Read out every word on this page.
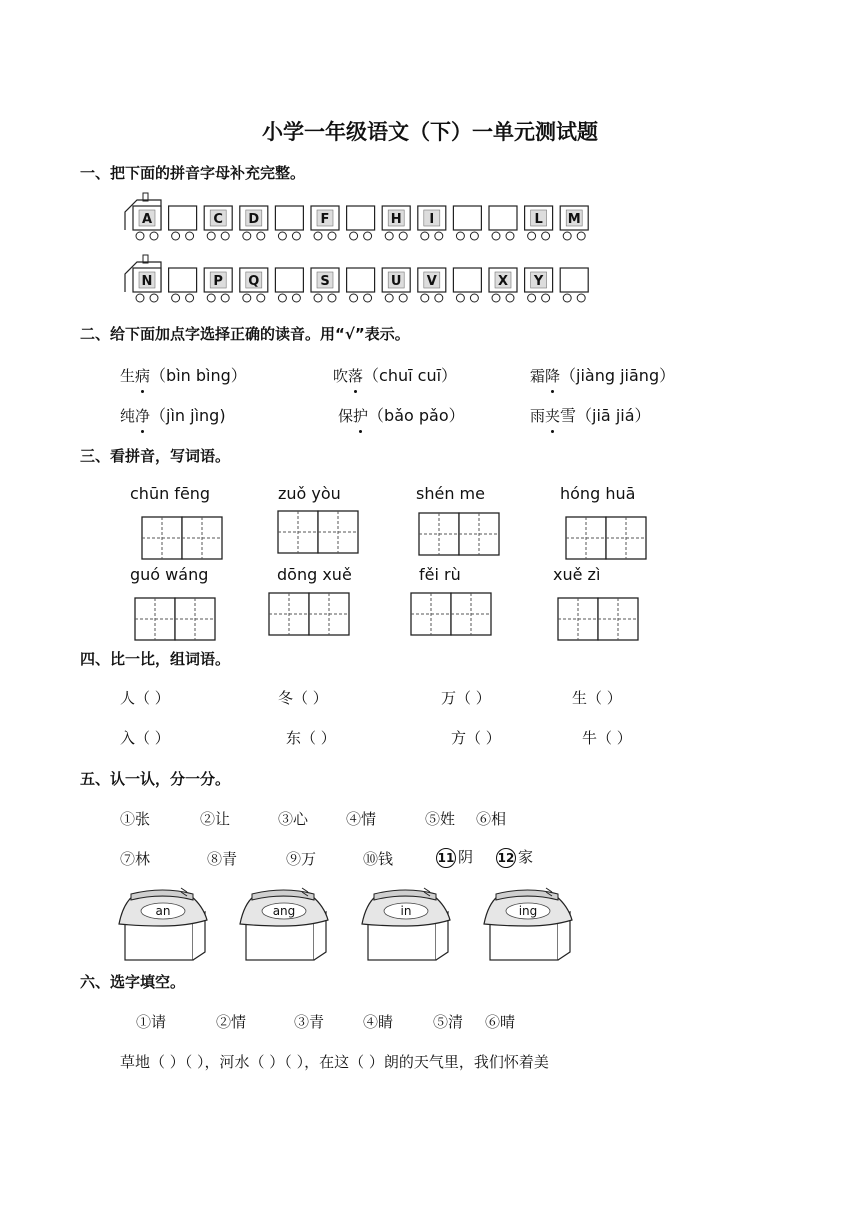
小学一年级语文（下）一单元测试题
一、把下面的拼音字母补充完整。
A	C D	F	H I	L M
N	P Q	S	U V	X Y
二、给下面加点字选择正确的读音。用“√”表示。
生病（bìn bìng）	吹落（chuī cuī）	霜降（jiàng jiāng）
纯净（jìn jìng)	保护（bǎo pǎo）	雨夹雪（jiā jiá）
三、看拼音，写词语。
chūn fēng	zuǒ yòu	shén me	hóng huā
guó wáng	dōng xuě	fěi rù	xuě zì
四、比一比，组词语。
人（ ）	冬（ ）	万（ ）	生（ ）
入（ ）	东（ ）	方（ ）	牛（ ）
五、认一认，分一分。
①张	②让	③心	④情	⑤姓 ⑥相
⑦林	⑧青	⑨万	⑩钱	11 阴 12 家
an	ang	in	ing
六、选字填空。
①请	②情	③青	④睛	⑤清 ⑥晴
草地（ ）（ ），河水（ ）（ ），在这（ ）朗的天气里，我们怀着美
